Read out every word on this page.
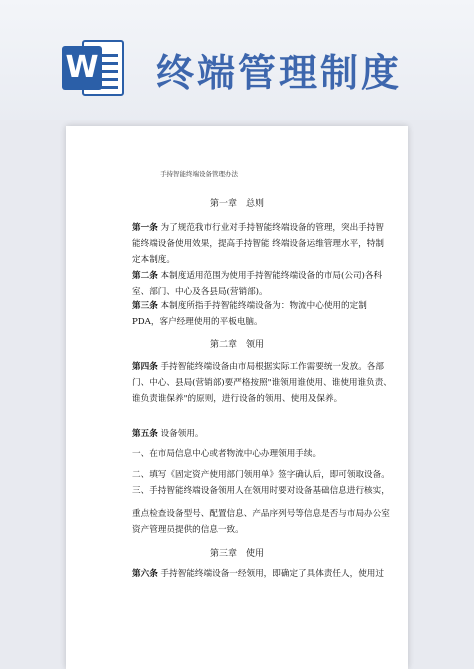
W 终端管理制度
手持智能终端设备管理办法
第一章　总则

第一条 为了规范我市行业对手持智能终端设备的管理，突出手持智能终端设备使用效果，提高手持智能 终端设备运维管理水平，特制定本制度。

第二条 本制度适用范围为使用手持智能终端设备的市局(公司)各科室、部门、中心及各县局(营销部)。

第三条 本制度所指手持智能终端设备为：物流中心使用的定制PDA，客户经理使用的平板电脑。

第二章　领用

第四条 手持智能终端设备由市局根据实际工作需要统一发放。各部门、中心、县局(营销部)要严格按照"谁领用谁使用、谁使用谁负责、谁负责谁保养"的原则，进行设备的领用、使用及保养。

第五条 设备领用。

一、在市局信息中心或者物流中心办理领用手续。

二、填写《固定资产使用部门领用单》签字确认后，即可领取设备。 三、手持智能终端设备领用人在领用时要对设备基础信息进行核实，

重点检查设备型号、配置信息、产品序列号等信息是否与市局办公室资产管理员提供的信息一致。

第三章　使用

第六条 手持智能终端设备一经领用，即确定了具体责任人，使用过
